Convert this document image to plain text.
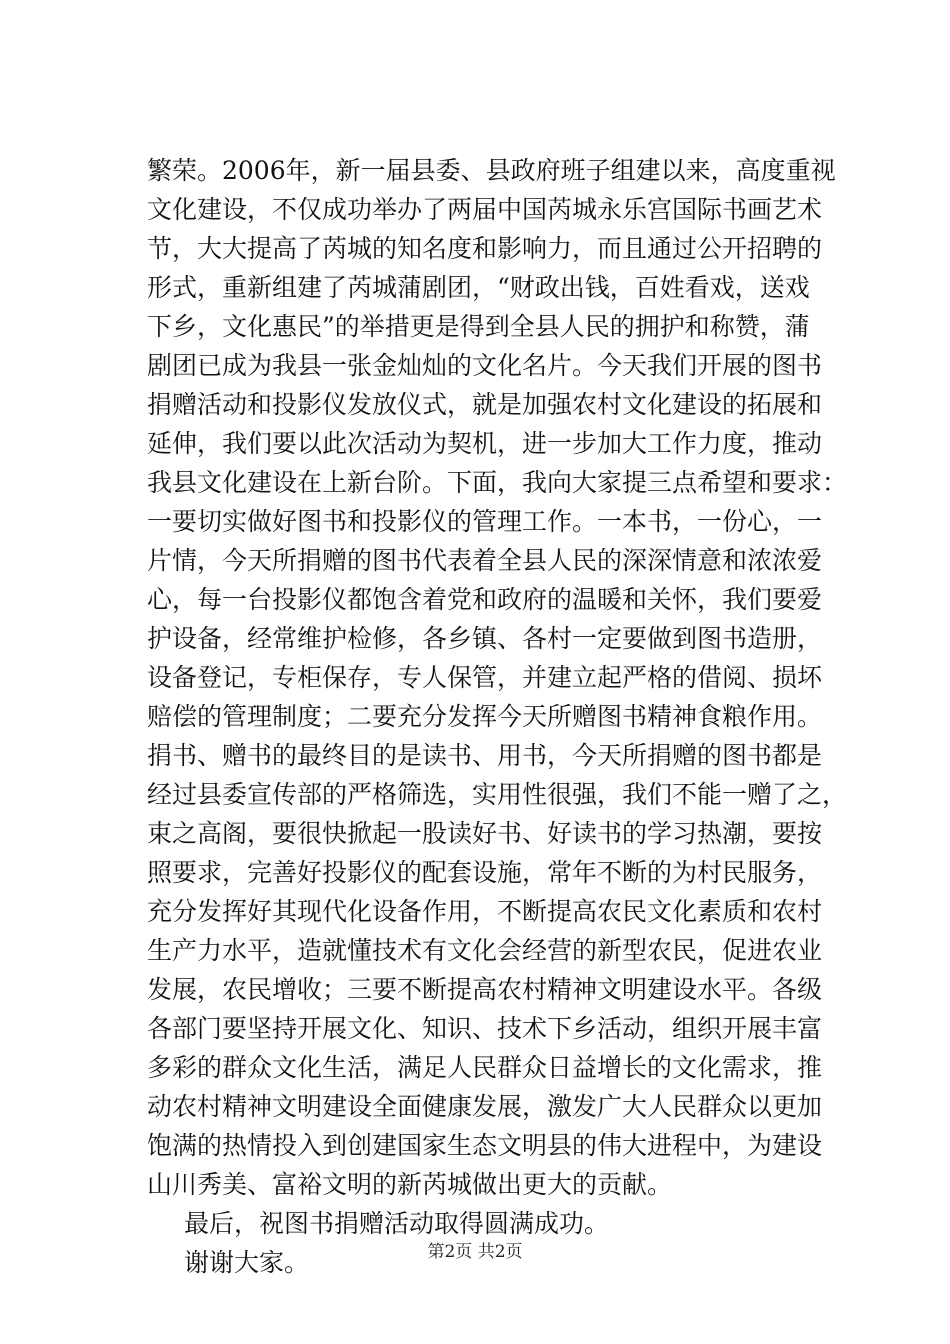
繁荣。2006年，新一届县委、县政府班子组建以来，高度重视
文化建设，不仅成功举办了两届中国芮城永乐宫国际书画艺术
节，大大提高了芮城的知名度和影响力，而且通过公开招聘的
形式，重新组建了芮城蒲剧团，“财政出钱，百姓看戏，送戏
下乡，文化惠民”的举措更是得到全县人民的拥护和称赞，蒲
剧团已成为我县一张金灿灿的文化名片。今天我们开展的图书
捐赠活动和投影仪发放仪式，就是加强农村文化建设的拓展和
延伸，我们要以此次活动为契机，进一步加大工作力度，推动
我县文化建设在上新台阶。下面，我向大家提三点希望和要求：
一要切实做好图书和投影仪的管理工作。一本书，一份心，一
片情，今天所捐赠的图书代表着全县人民的深深情意和浓浓爱
心，每一台投影仪都饱含着党和政府的温暖和关怀，我们要爱
护设备，经常维护检修，各乡镇、各村一定要做到图书造册，
设备登记，专柜保存，专人保管，并建立起严格的借阅、损坏
赔偿的管理制度；二要充分发挥今天所赠图书精神食粮作用。
捐书、赠书的最终目的是读书、用书，今天所捐赠的图书都是
经过县委宣传部的严格筛选，实用性很强，我们不能一赠了之，
束之高阁，要很快掀起一股读好书、好读书的学习热潮，要按
照要求，完善好投影仪的配套设施，常年不断的为村民服务，
充分发挥好其现代化设备作用，不断提高农民文化素质和农村
生产力水平，造就懂技术有文化会经营的新型农民，促进农业
发展，农民增收；三要不断提高农村精神文明建设水平。各级
各部门要坚持开展文化、知识、技术下乡活动，组织开展丰富
多彩的群众文化生活，满足人民群众日益增长的文化需求，推
动农村精神文明建设全面健康发展，激发广大人民群众以更加
饱满的热情投入到创建国家生态文明县的伟大进程中，为建设
山川秀美、富裕文明的新芮城做出更大的贡献。
最后，祝图书捐赠活动取得圆满成功。
谢谢大家。	第2页 共2页
